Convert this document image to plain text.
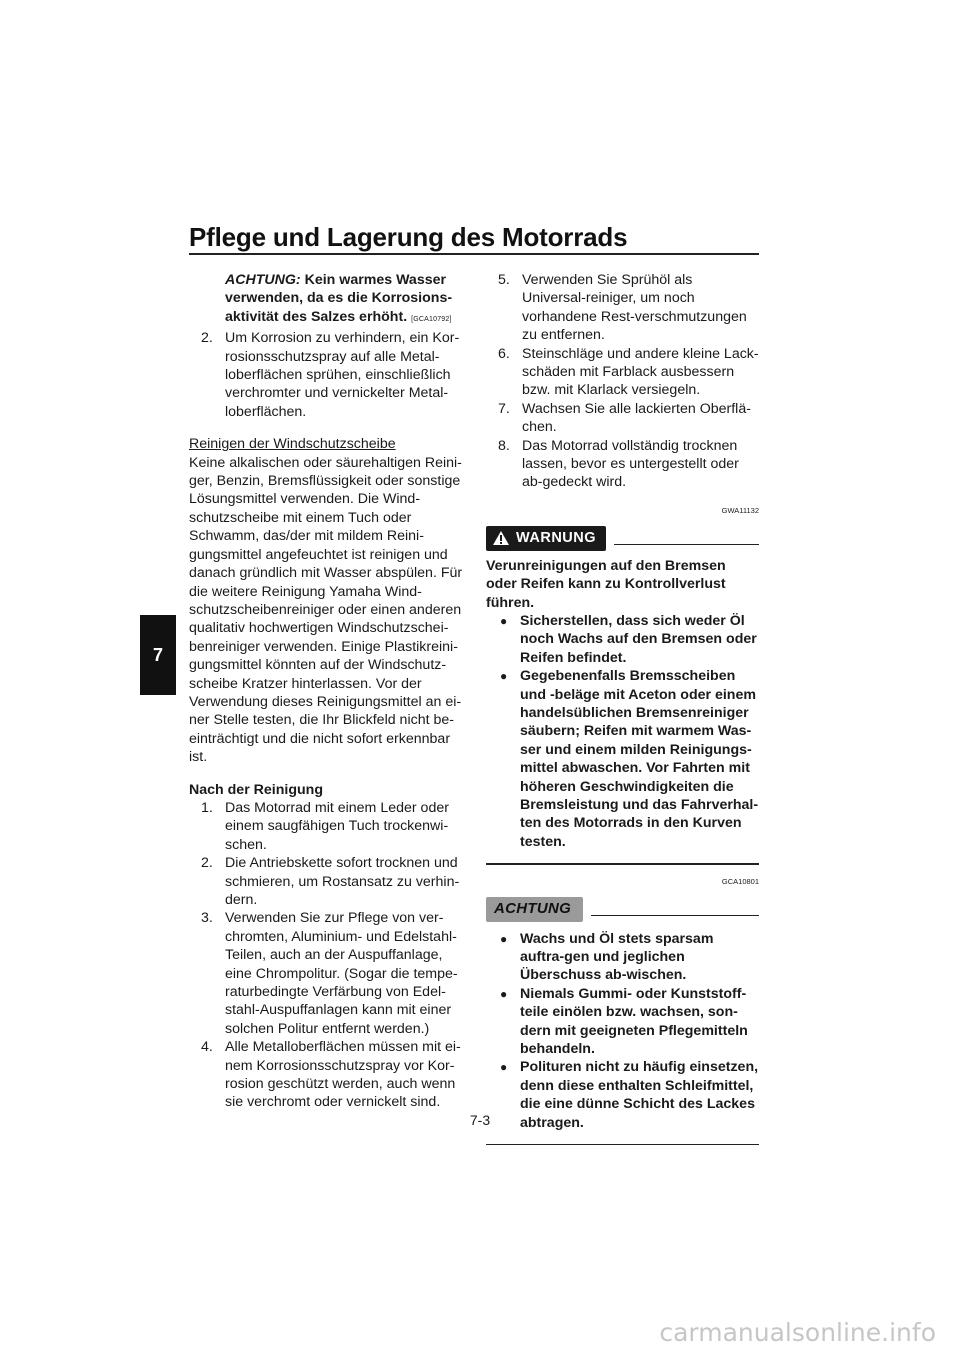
Pflege und Lagerung des Motorrads
7

ACHTUNG: Kein warmes Wasser verwenden, da es die Korrosions-aktivität des Salzes erhöht. [GCA10792]

2. Um Korrosion zu verhindern, ein Kor-rosionsschutzspray auf alle Metal-loberflächen sprühen, einschließlich verchromter und vernickelter Metal-loberflächen.

Reinigen der Windschutzscheibe

Keine alkalischen oder säurehaltigen Reini-ger, Benzin, Bremsflüssigkeit oder sonstige Lösungsmittel verwenden. Die Wind-schutzscheibe mit einem Tuch oder Schwamm, das/der mit mildem Reini-gungsmittel angefeuchtet ist reinigen und danach gründlich mit Wasser abspülen. Für die weitere Reinigung Yamaha Wind-schutzscheibenreiniger oder einen anderen qualitativ hochwertigen Windschutzschei-benreiniger verwenden. Einige Plastikreini-gungsmittel könnten auf der Windschutz-scheibe Kratzer hinterlassen. Vor der Verwendung dieses Reinigungsmittel an ei-ner Stelle testen, die Ihr Blickfeld nicht be-einträchtigt und die nicht sofort erkennbar ist.

Nach der Reinigung

1. Das Motorrad mit einem Leder oder einem saugfähigen Tuch trockenwi-schen.
2. Die Antriebskette sofort trocknen und schmieren, um Rostansatz zu verhin-dern.
3. Verwenden Sie zur Pflege von ver-chromten, Aluminium- und Edelstahl-Teilen, auch an der Auspuffanlage, eine Chrompolitur. (Sogar die tempe-raturbedingte Verfärbung von Edel-stahl-Auspuffanlagen kann mit einer solchen Politur entfernt werden.)
4. Alle Metalloberflächen müssen mit ei-nem Korrosionsschutzspray vor Kor-rosion geschützt werden, auch wenn sie verchromt oder vernickelt sind.
5. Verwenden Sie Sprühöl als Universal-reiniger, um noch vorhandene Rest-verschmutzungen zu entfernen.
6. Steinschläge und andere kleine Lack-schäden mit Farblack ausbessern bzw. mit Klarlack versiegeln.
7. Wachsen Sie alle lackierten Oberflä-chen.
8. Das Motorrad vollständig trocknen lassen, bevor es untergestellt oder ab-gedeckt wird.
GWA11132
WARNUNG

Verunreinigungen auf den Bremsen oder Reifen kann zu Kontrollverlust führen.

● Sicherstellen, dass sich weder Öl noch Wachs auf den Bremsen oder Reifen befindet.
● Gegebenenfalls Bremsscheiben und -beläge mit Aceton oder einem handelsüblichen Bremsenreiniger säubern; Reifen mit warmem Was-ser und einem milden Reinigungs-mittel abwaschen. Vor Fahrten mit höheren Geschwindigkeiten die Bremsleistung und das Fahrverhal-ten des Motorrads in den Kurven testen.
GCA10801
ACHTUNG
● Wachs und Öl stets sparsam auftra-gen und jeglichen Überschuss ab-wischen.
● Niemals Gummi- oder Kunststoff-teile einölen bzw. wachsen, son-dern mit geeigneten Pflegemitteln behandeln.
● Polituren nicht zu häufig einsetzen, denn diese enthalten Schleifmittel, die eine dünne Schicht des Lackes abtragen.
7-3
carmanualsonline.info
